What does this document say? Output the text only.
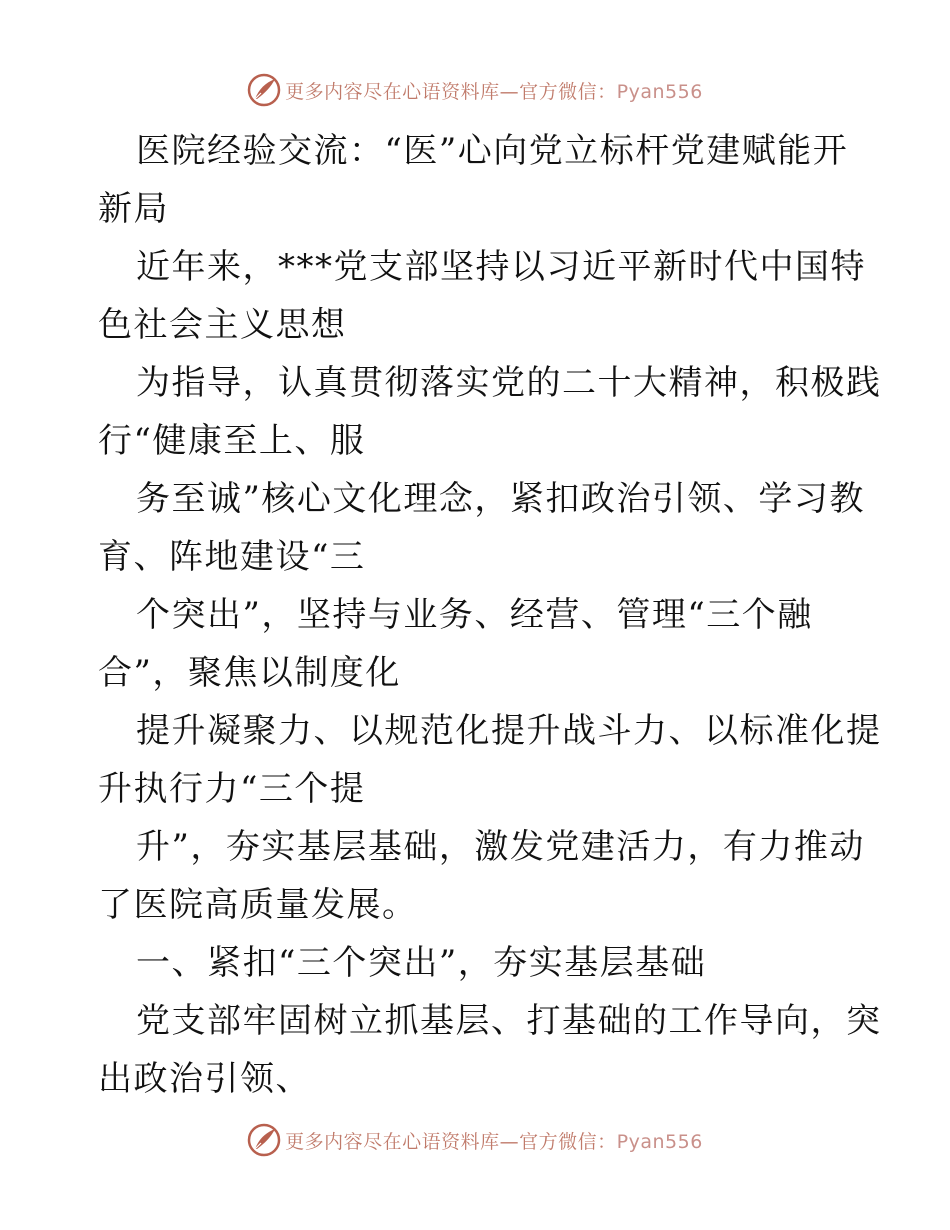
更多内容尽在心语资料库—官方微信：Pyan556
医院经验交流：“医”心向党立标杆党建赋能开
新局
近年来，***党支部坚持以习近平新时代中国特
色社会主义思想
为指导，认真贯彻落实党的二十大精神，积极践
行“健康至上、服
务至诚”核心文化理念，紧扣政治引领、学习教
育、阵地建设“三
个突出”，坚持与业务、经营、管理“三个融
合”，聚焦以制度化
提升凝聚力、以规范化提升战斗力、以标准化提
升执行力“三个提
升”，夯实基层基础，激发党建活力，有力推动
了医院高质量发展。
一、紧扣“三个突出”，夯实基层基础
党支部牢固树立抓基层、打基础的工作导向，突
出政治引领、
更多内容尽在心语资料库—官方微信：Pyan556
